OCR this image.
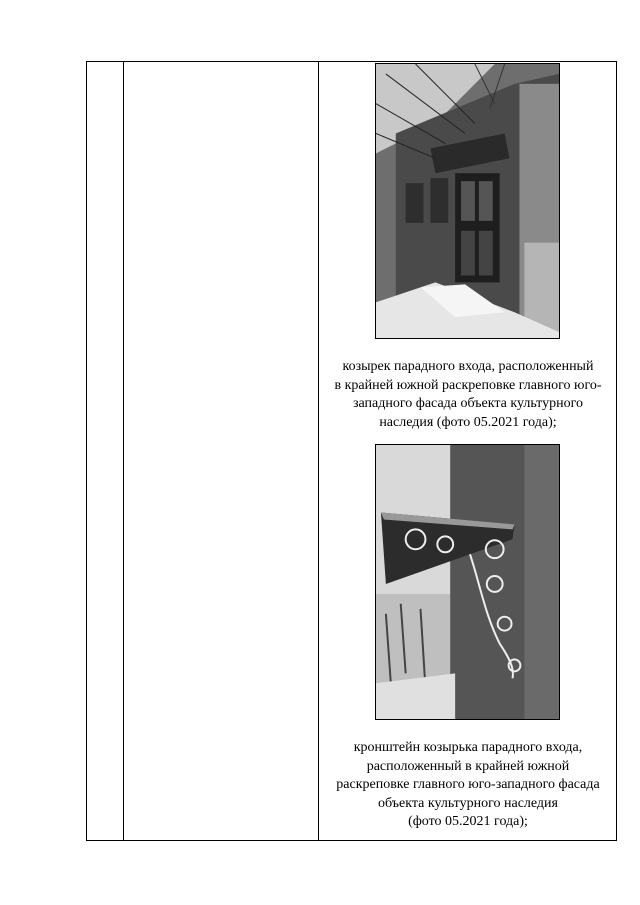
козырек парадного входа, расположенный
в крайней южной раскреповке главного юго-
западного фасада объекта культурного
наследия (фото 05.2021 года);
кронштейн козырька парадного входа,
расположенный в крайней южной
раскреповке главного юго-западного фасада
объекта культурного наследия
(фото 05.2021 года);
